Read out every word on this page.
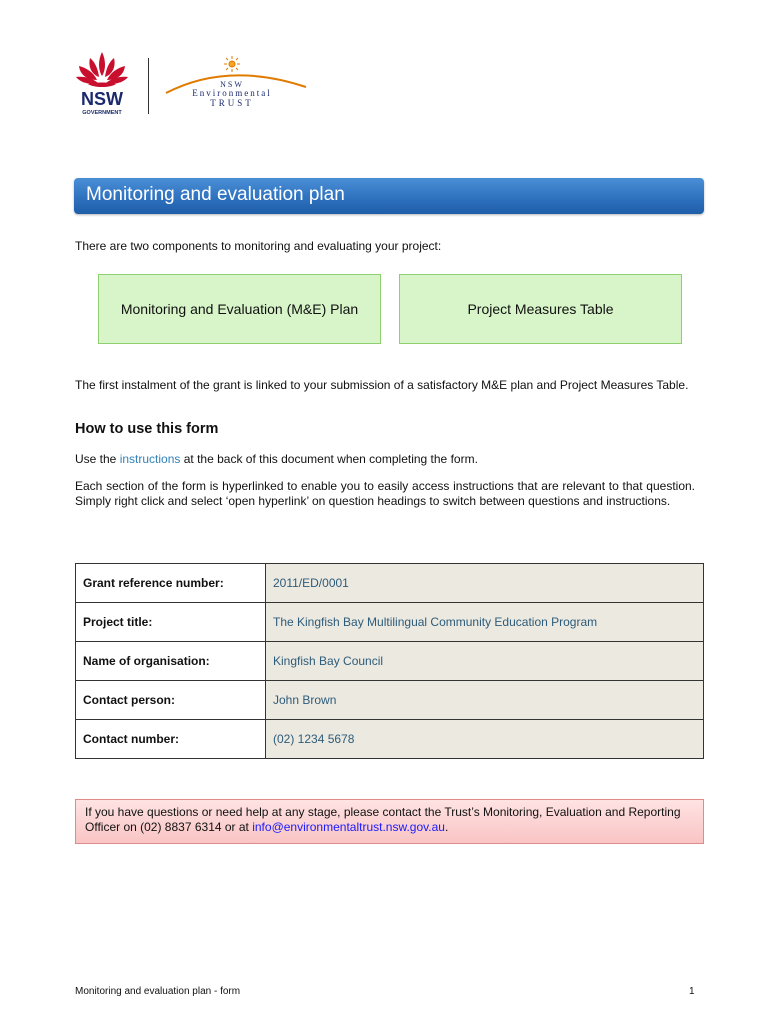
NSW
GOVERNMENT
NSW
Environmental
TRUST
Monitoring and evaluation plan
There are two components to monitoring and evaluating your project:
Monitoring and Evaluation (M&E) Plan	Project Measures Table
The first instalment of the grant is linked to your submission of a satisfactory M&E plan and Project Measures Table.
How to use this form
Use the instructions at the back of this document when completing the form.
Each section of the form is hyperlinked to enable you to easily access instructions that are relevant to that question. Simply right click and select ‘open hyperlink’ on question headings to switch between questions and instructions.
Grant reference number:	2011/ED/0001
Project title:	The Kingfish Bay Multilingual Community Education Program
Name of organisation:	Kingfish Bay Council
Contact person:	John Brown
Contact number:	(02) 1234 5678
If you have questions or need help at any stage, please contact the Trust’s Monitoring, Evaluation and Reporting Officer on (02) 8837 6314 or at info@environmentaltrust.nsw.gov.au.
Monitoring and evaluation plan - form	1
